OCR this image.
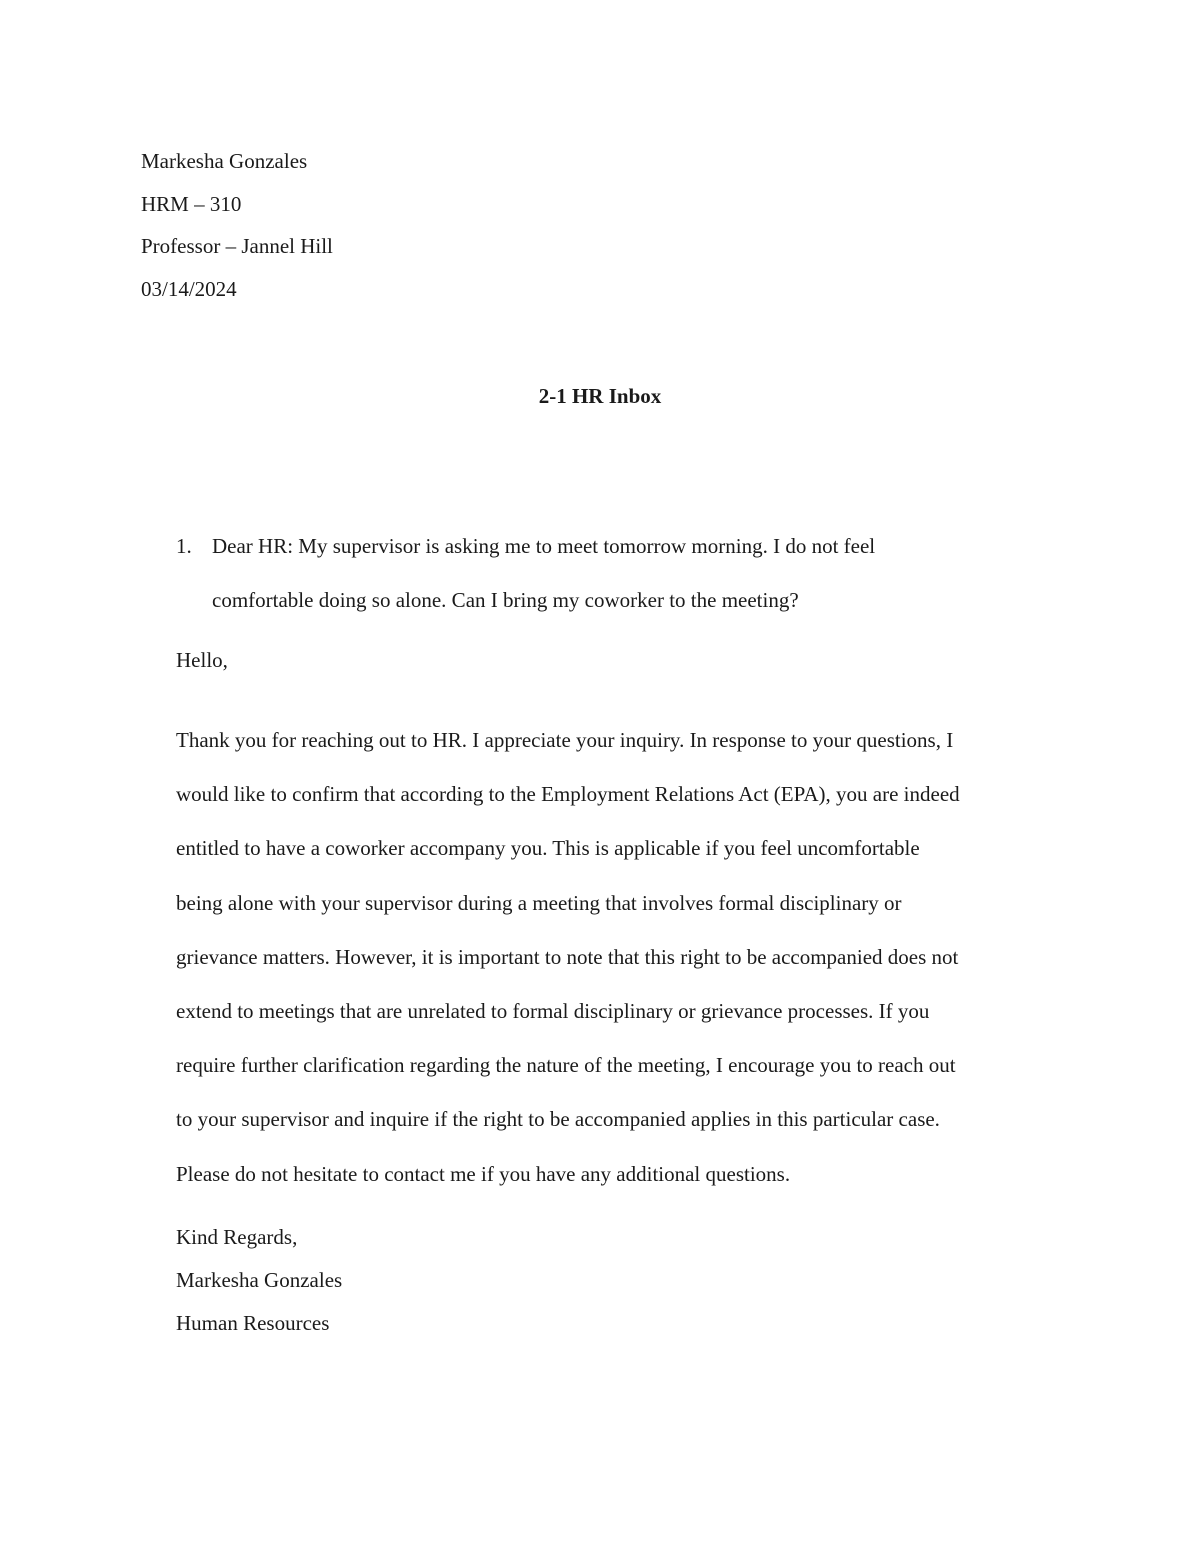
Markesha Gonzales
HRM – 310
Professor – Jannel Hill
03/14/2024
2-1 HR Inbox
1. Dear HR: My supervisor is asking me to meet tomorrow morning. I do not feel
comfortable doing so alone. Can I bring my coworker to the meeting?
Hello,
Thank you for reaching out to HR. I appreciate your inquiry. In response to your questions, I
would like to confirm that according to the Employment Relations Act (EPA), you are indeed
entitled to have a coworker accompany you. This is applicable if you feel uncomfortable
being alone with your supervisor during a meeting that involves formal disciplinary or
grievance matters. However, it is important to note that this right to be accompanied does not
extend to meetings that are unrelated to formal disciplinary or grievance processes. If you
require further clarification regarding the nature of the meeting, I encourage you to reach out
to your supervisor and inquire if the right to be accompanied applies in this particular case.
Please do not hesitate to contact me if you have any additional questions.
Kind Regards,
Markesha Gonzales
Human Resources
